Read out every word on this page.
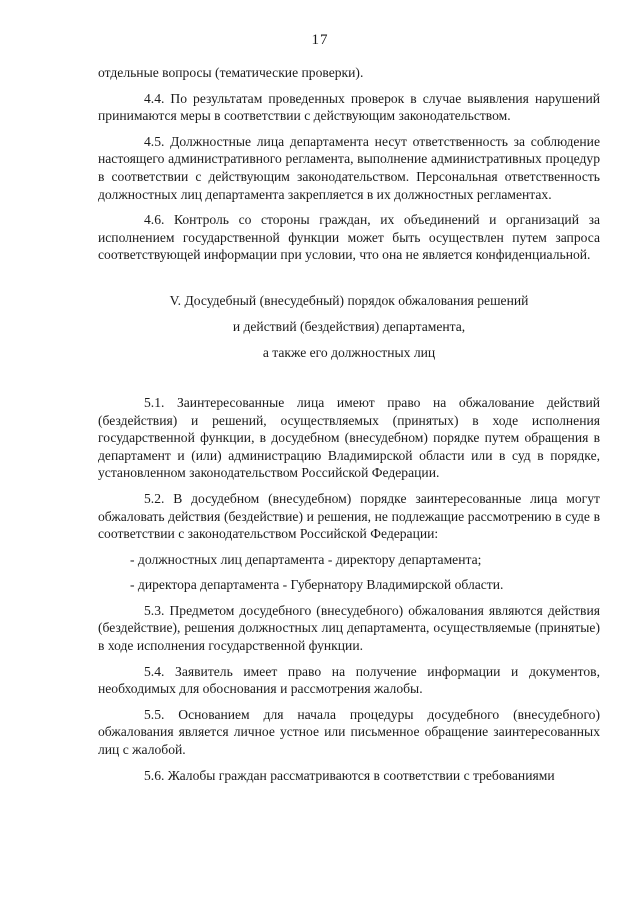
17

отдельные вопросы (тематические проверки).

4.4. По результатам проведенных проверок в случае выявления нарушений принимаются меры в соответствии с действующим законодательством.

4.5. Должностные лица департамента несут ответственность за соблюдение настоящего административного регламента, выполнение административных процедур в соответствии с действующим законодательством. Персональная ответственность должностных лиц департамента закрепляется в их должностных регламентах.

4.6. Контроль со стороны граждан, их объединений и организаций за исполнением государственной функции может быть осуществлен путем запроса соответствующей информации при условии, что она не является конфиденциальной.

V. Досудебный (внесудебный) порядок обжалования решений
и действий (бездействия) департамента,
а также его должностных лиц

5.1. Заинтересованные лица имеют право на обжалование действий (бездействия) и решений, осуществляемых (принятых) в ходе исполнения государственной функции, в досудебном (внесудебном) порядке путем обращения в департамент и (или) администрацию Владимирской области или в суд в порядке, установленном законодательством Российской Федерации.

5.2. В досудебном (внесудебном) порядке заинтересованные лица могут обжаловать действия (бездействие) и решения, не подлежащие рассмотрению в суде в соответствии с законодательством Российской Федерации:

- должностных лиц департамента - директору департамента;

- директора департамента - Губернатору Владимирской области.

5.3. Предметом досудебного (внесудебного) обжалования являются действия (бездействие), решения должностных лиц департамента, осуществляемые (принятые) в ходе исполнения государственной функции.

5.4. Заявитель имеет право на получение информации и документов, необходимых для обоснования и рассмотрения жалобы.

5.5. Основанием для начала процедуры досудебного (внесудебного) обжалования является личное устное или письменное обращение заинтересованных лиц с жалобой.

5.6. Жалобы граждан рассматриваются в соответствии с требованиями
